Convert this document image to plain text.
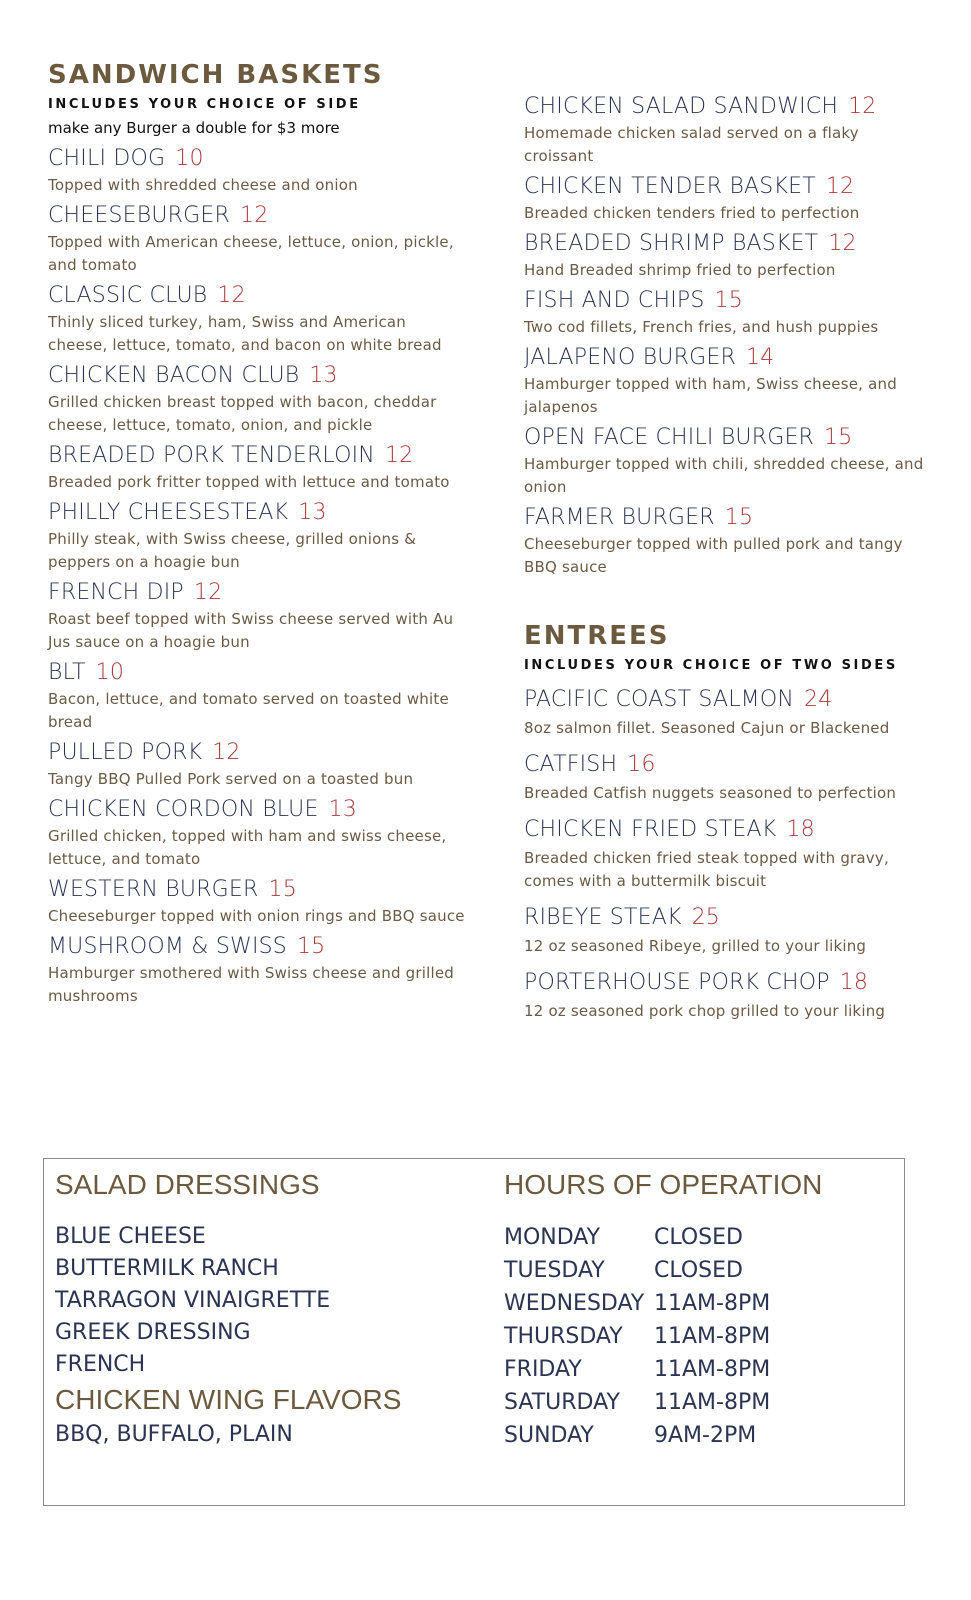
SANDWICH BASKETS

INCLUDES YOUR CHOICE OF SIDE

make any Burger a double for $3 more

CHILI DOG 10
Topped with shredded cheese and onion
CHEESEBURGER 12
Topped with American cheese, lettuce, onion, pickle, and tomato
CLASSIC CLUB 12
Thinly sliced turkey, ham, Swiss and American cheese, lettuce, tomato, and bacon on white bread
CHICKEN BACON CLUB 13
Grilled chicken breast topped with bacon, cheddar cheese, lettuce, tomato, onion, and pickle
BREADED PORK TENDERLOIN 12
Breaded pork fritter topped with lettuce and tomato
PHILLY CHEESESTEAK 13
Philly steak, with Swiss cheese, grilled onions & peppers on a hoagie bun
FRENCH DIP 12
Roast beef topped with Swiss cheese served with Au Jus sauce on a hoagie bun
BLT 10
Bacon, lettuce, and tomato served on toasted white bread
PULLED PORK 12
Tangy BBQ Pulled Pork served on a toasted bun
CHICKEN CORDON BLUE 13
Grilled chicken, topped with ham and swiss cheese, lettuce, and tomato
WESTERN BURGER 15
Cheeseburger topped with onion rings and BBQ sauce
MUSHROOM & SWISS 15
Hamburger smothered with Swiss cheese and grilled mushrooms
CHICKEN SALAD SANDWICH 12
Homemade chicken salad served on a flaky croissant
CHICKEN TENDER BASKET 12
Breaded chicken tenders fried to perfection
BREADED SHRIMP BASKET 12
Hand Breaded shrimp fried to perfection
FISH AND CHIPS 15
Two cod fillets, French fries, and hush puppies
JALAPENO BURGER 14
Hamburger topped with ham, Swiss cheese, and jalapenos
OPEN FACE CHILI BURGER 15
Hamburger topped with chili, shredded cheese, and onion
FARMER BURGER 15
Cheeseburger topped with pulled pork and tangy BBQ sauce
ENTREES

INCLUDES YOUR CHOICE OF TWO SIDES

PACIFIC COAST SALMON 24
8oz salmon fillet. Seasoned Cajun or Blackened
CATFISH 16
Breaded Catfish nuggets seasoned to perfection
CHICKEN FRIED STEAK 18
Breaded chicken fried steak topped with gravy, comes with a buttermilk biscuit
RIBEYE STEAK 25
12 oz seasoned Ribeye, grilled to your liking
PORTERHOUSE PORK CHOP 18
12 oz seasoned pork chop grilled to your liking
SALAD DRESSINGS
BLUE CHEESE
BUTTERMILK RANCH
TARRAGON VINAIGRETTE
GREEK DRESSING
FRENCH
CHICKEN WING FLAVORS
BBQ, BUFFALO, PLAIN
HOURS OF OPERATION
MONDAY CLOSED
TUESDAY CLOSED
WEDNESDAY 11AM-8PM
THURSDAY 11AM-8PM
FRIDAY	11AM-8PM
SATURDAY 11AM-8PM
SUNDAY	9AM-2PM
